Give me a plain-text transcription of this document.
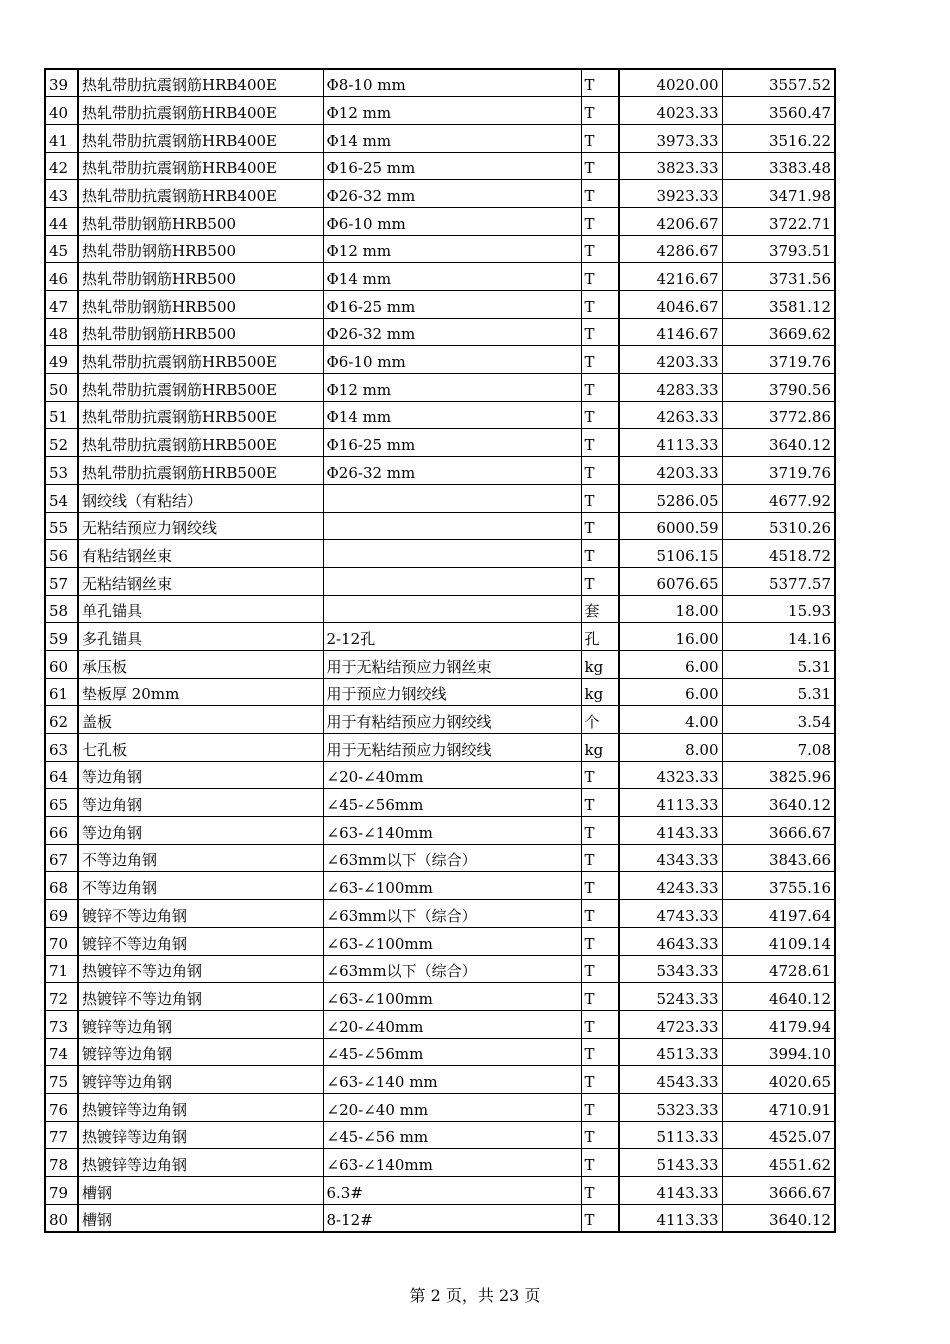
39	热轧带肋抗震钢筋HRB400E	Φ8-10 mm	T	4020.00	3557.52
40	热轧带肋抗震钢筋HRB400E	Φ12 mm	T	4023.33	3560.47
41	热轧带肋抗震钢筋HRB400E	Φ14 mm	T	3973.33	3516.22
42	热轧带肋抗震钢筋HRB400E	Φ16-25 mm	T	3823.33	3383.48
43	热轧带肋抗震钢筋HRB400E	Φ26-32 mm	T	3923.33	3471.98
44	热轧带肋钢筋HRB500	Φ6-10 mm	T	4206.67	3722.71
45	热轧带肋钢筋HRB500	Φ12 mm	T	4286.67	3793.51
46	热轧带肋钢筋HRB500	Φ14 mm	T	4216.67	3731.56
47	热轧带肋钢筋HRB500	Φ16-25 mm	T	4046.67	3581.12
48	热轧带肋钢筋HRB500	Φ26-32 mm	T	4146.67	3669.62
49	热轧带肋抗震钢筋HRB500E	Φ6-10 mm	T	4203.33	3719.76
50	热轧带肋抗震钢筋HRB500E	Φ12 mm	T	4283.33	3790.56
51	热轧带肋抗震钢筋HRB500E	Φ14 mm	T	4263.33	3772.86
52	热轧带肋抗震钢筋HRB500E	Φ16-25 mm	T	4113.33	3640.12
53	热轧带肋抗震钢筋HRB500E	Φ26-32 mm	T	4203.33	3719.76
54	钢绞线（有粘结）		T	5286.05	4677.92
55	无粘结预应力钢绞线		T	6000.59	5310.26
56	有粘结钢丝束		T	5106.15	4518.72
57	无粘结钢丝束		T	6076.65	5377.57
58	单孔锚具		套	18.00	15.93
59	多孔锚具	2-12孔	孔	16.00	14.16
60	承压板	用于无粘结预应力钢丝束	kg	6.00	5.31
61	垫板厚 20mm	用于预应力钢绞线	kg	6.00	5.31
62	盖板	用于有粘结预应力钢绞线	个	4.00	3.54
63	七孔板	用于无粘结预应力钢绞线	kg	8.00	7.08
64	等边角钢	∠20-∠40mm	T	4323.33	3825.96
65	等边角钢	∠45-∠56mm	T	4113.33	3640.12
66	等边角钢	∠63-∠140mm	T	4143.33	3666.67
67	不等边角钢	∠63mm以下（综合）	T	4343.33	3843.66
68	不等边角钢	∠63-∠100mm	T	4243.33	3755.16
69	镀锌不等边角钢	∠63mm以下（综合）	T	4743.33	4197.64
70	镀锌不等边角钢	∠63-∠100mm	T	4643.33	4109.14
71	热镀锌不等边角钢	∠63mm以下（综合）	T	5343.33	4728.61
72	热镀锌不等边角钢	∠63-∠100mm	T	5243.33	4640.12
73	镀锌等边角钢	∠20-∠40mm	T	4723.33	4179.94
74	镀锌等边角钢	∠45-∠56mm	T	4513.33	3994.10
75	镀锌等边角钢	∠63-∠140 mm	T	4543.33	4020.65
76	热镀锌等边角钢	∠20-∠40 mm	T	5323.33	4710.91
77	热镀锌等边角钢	∠45-∠56 mm	T	5113.33	4525.07
78	热镀锌等边角钢	∠63-∠140mm	T	5143.33	4551.62
79	槽钢	6.3#	T	4143.33	3666.67
80	槽钢	8-12#	T	4113.33	3640.12
第 2 页，共 23 页
